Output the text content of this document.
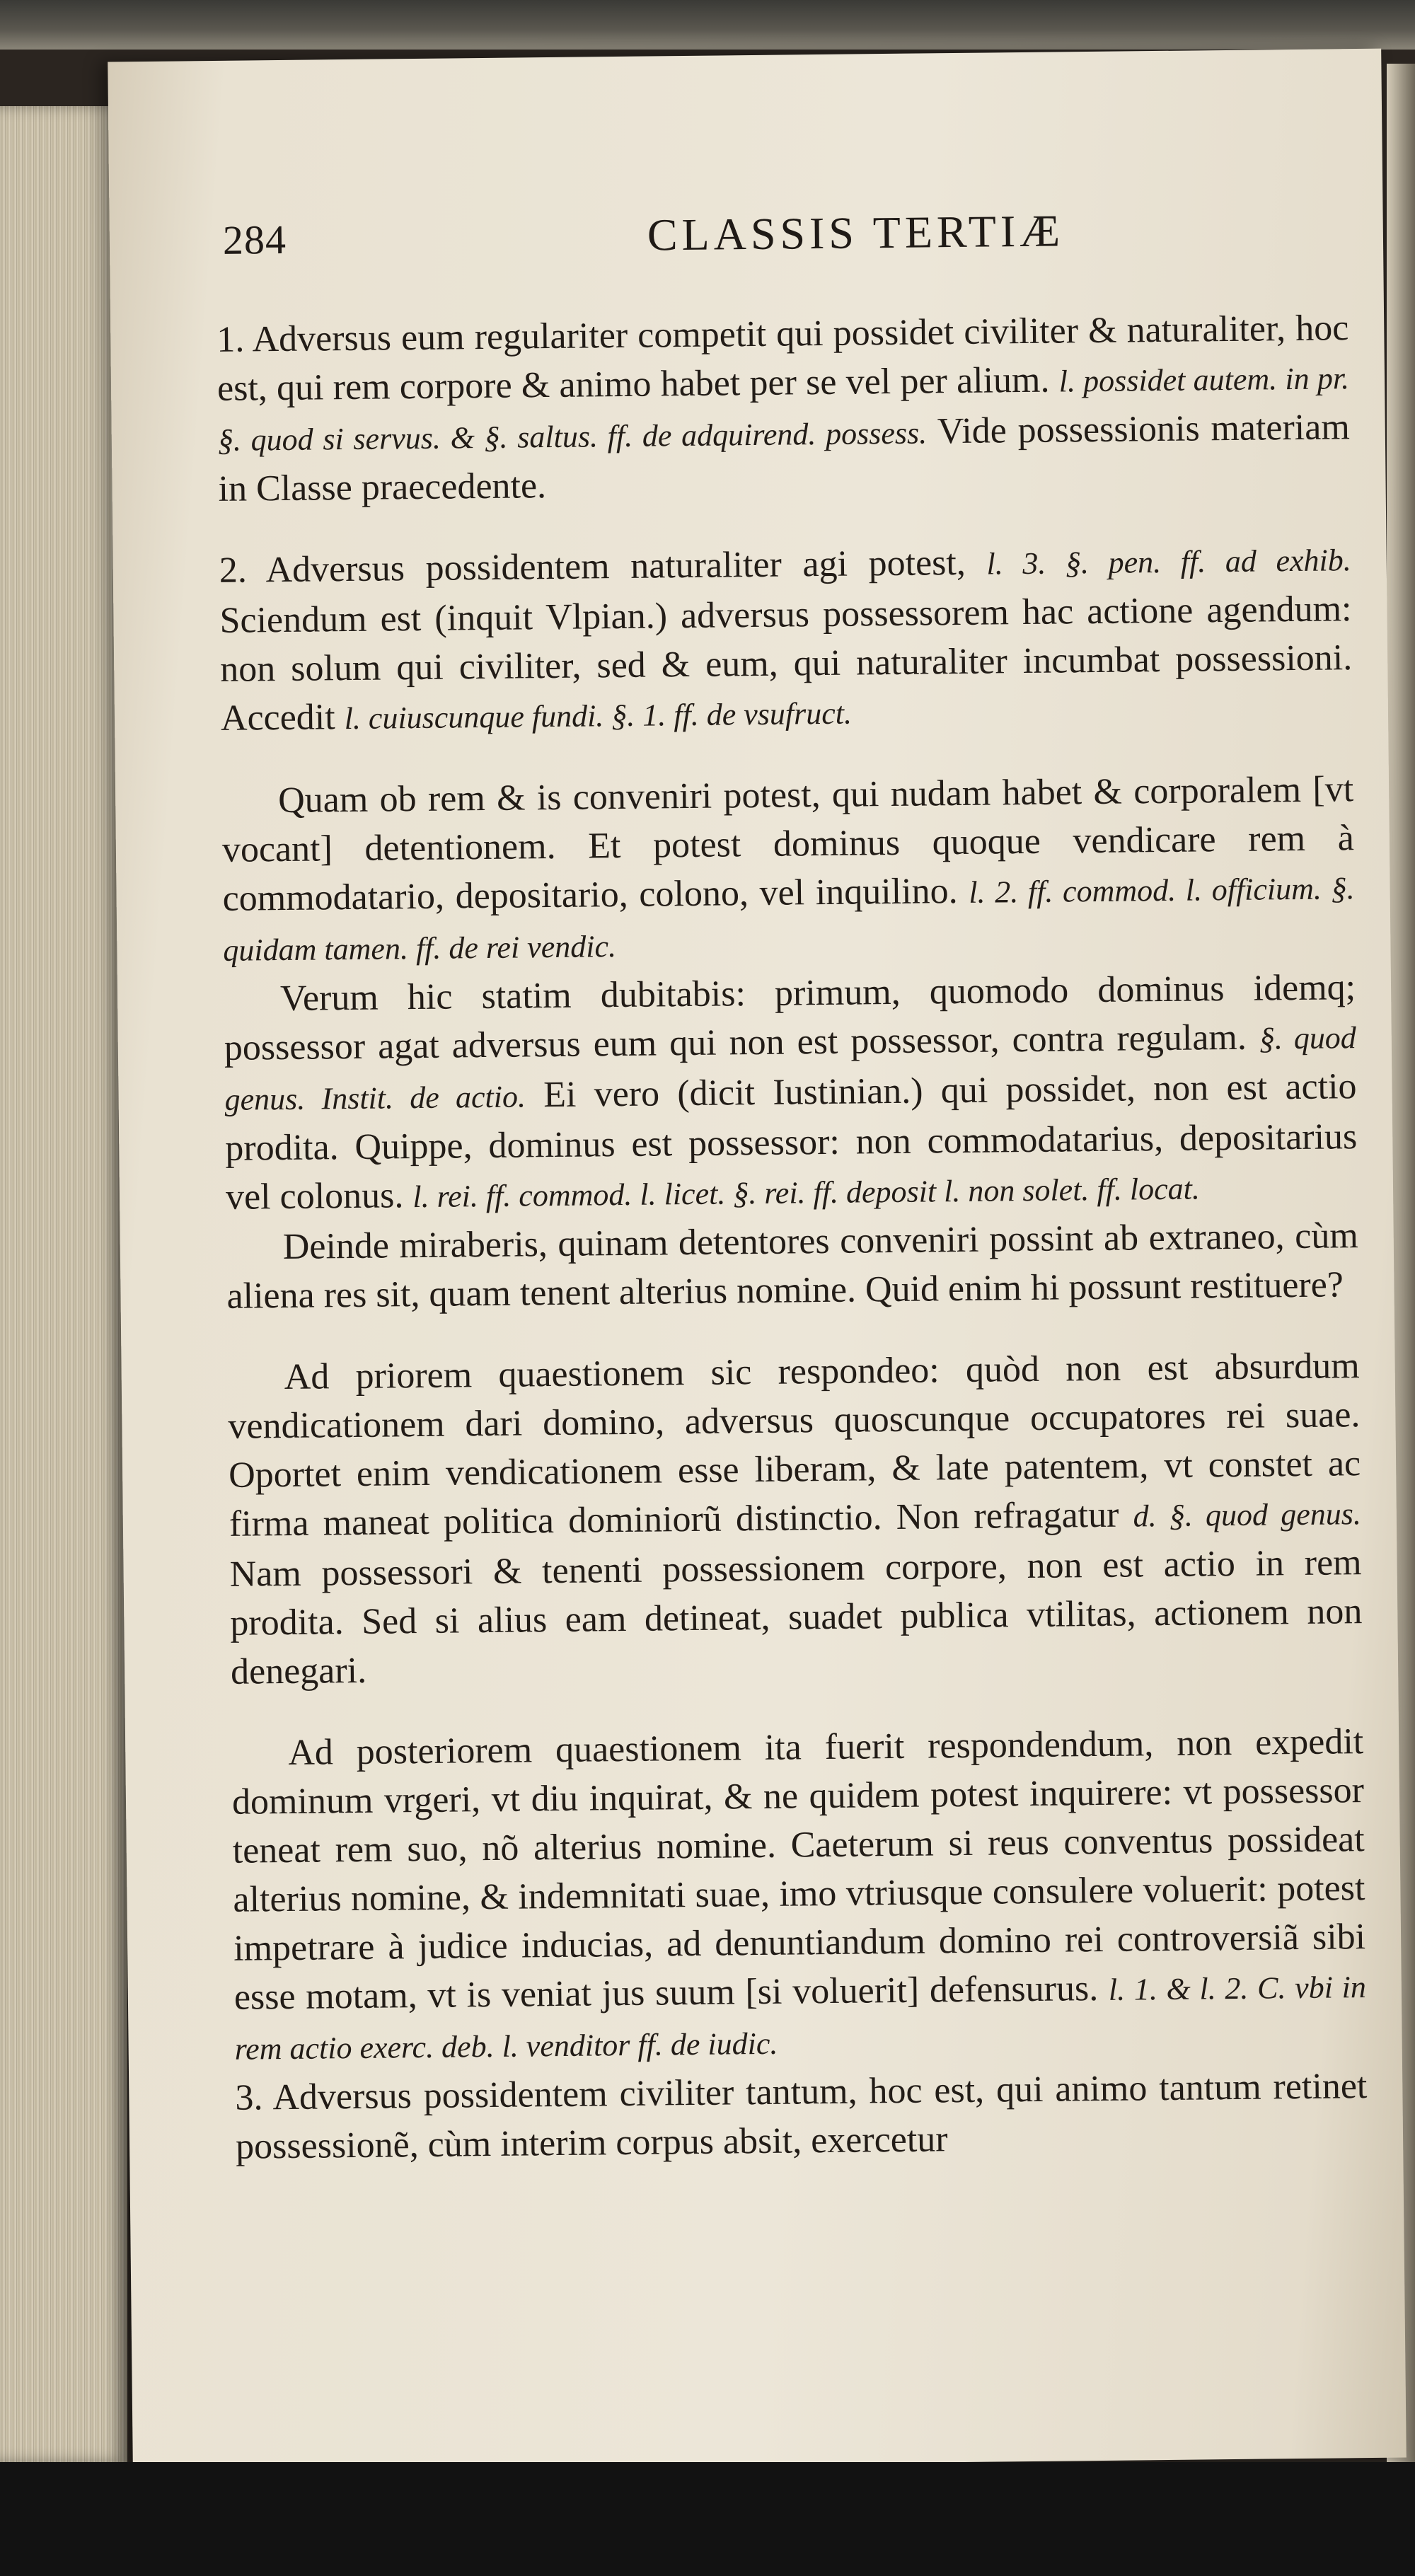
284	CLASSIS TERTIÆ

1. Adversus eum regulariter competit qui possidet civiliter & naturaliter, hoc est, qui rem corpore & animo habet per se vel per alium. l. possidet autem. in pr. §. quod si servus. & §. saltus. ff. de adquirend. possess. Vide possessionis materiam in Classe praecedente.

2. Adversus possidentem naturaliter agi potest, l. 3. §. pen. ff. ad exhib. Sciendum est (inquit Vlpian.) adversus possessorem hac actione agendum: non solum qui civiliter, sed & eum, qui naturaliter incumbat possessioni. Accedit l. cuiuscunque fundi. §. 1. ff. de vsufruct.

Quam ob rem & is conveniri potest, qui nudam habet & corporalem [vt vocant] detentionem. Et potest dominus quoque vendicare rem à commodatario, depositario, colono, vel inquilino. l. 2. ff. commod. l. officium. §. quidam tamen. ff. de rei vendic.

Verum hic statim dubitabis: primum, quomodo dominus idemq; possessor agat adversus eum qui non est possessor, contra regulam. §. quod genus. Instit. de actio. Ei vero (dicit Iustinian.) qui possidet, non est actio prodita. Quippe, dominus est possessor: non commodatarius, depositarius vel colonus. l. rei. ff. commod. l. licet. §. rei. ff. deposit l. non solet. ff. locat.

Deinde miraberis, quinam detentores conveniri possint ab extraneo, cùm aliena res sit, quam tenent alterius nomine. Quid enim hi possunt restituere?

Ad priorem quaestionem sic respondeo: quòd non est absurdum vendicationem dari domino, adversus quoscunque occupatores rei suae. Oportet enim vendicationem esse liberam, & late patentem, vt constet ac firma maneat politica dominiorũ distinctio. Non refragatur d. §. quod genus. Nam possessori & tenenti possessionem corpore, non est actio in rem prodita. Sed si alius eam detineat, suadet publica vtilitas, actionem non denegari.

Ad posteriorem quaestionem ita fuerit respondendum, non expedit dominum vrgeri, vt diu inquirat, & ne quidem potest inquirere: vt possessor teneat rem suo, nõ alterius nomine. Caeterum si reus conventus possideat alterius nomine, & indemnitati suae, imo vtriusque consulere voluerit: potest impetrare à judice inducias, ad denuntiandum domino rei controversiã sibi esse motam, vt is veniat jus suum [si voluerit] defensurus. l. 1. & l. 2. C. vbi in rem actio exerc. deb. l. venditor ff. de iudic.

3. Adversus possidentem civiliter tantum, hoc est, qui animo tantum retinet possessionẽ, cùm interim corpus absit, exercetur
